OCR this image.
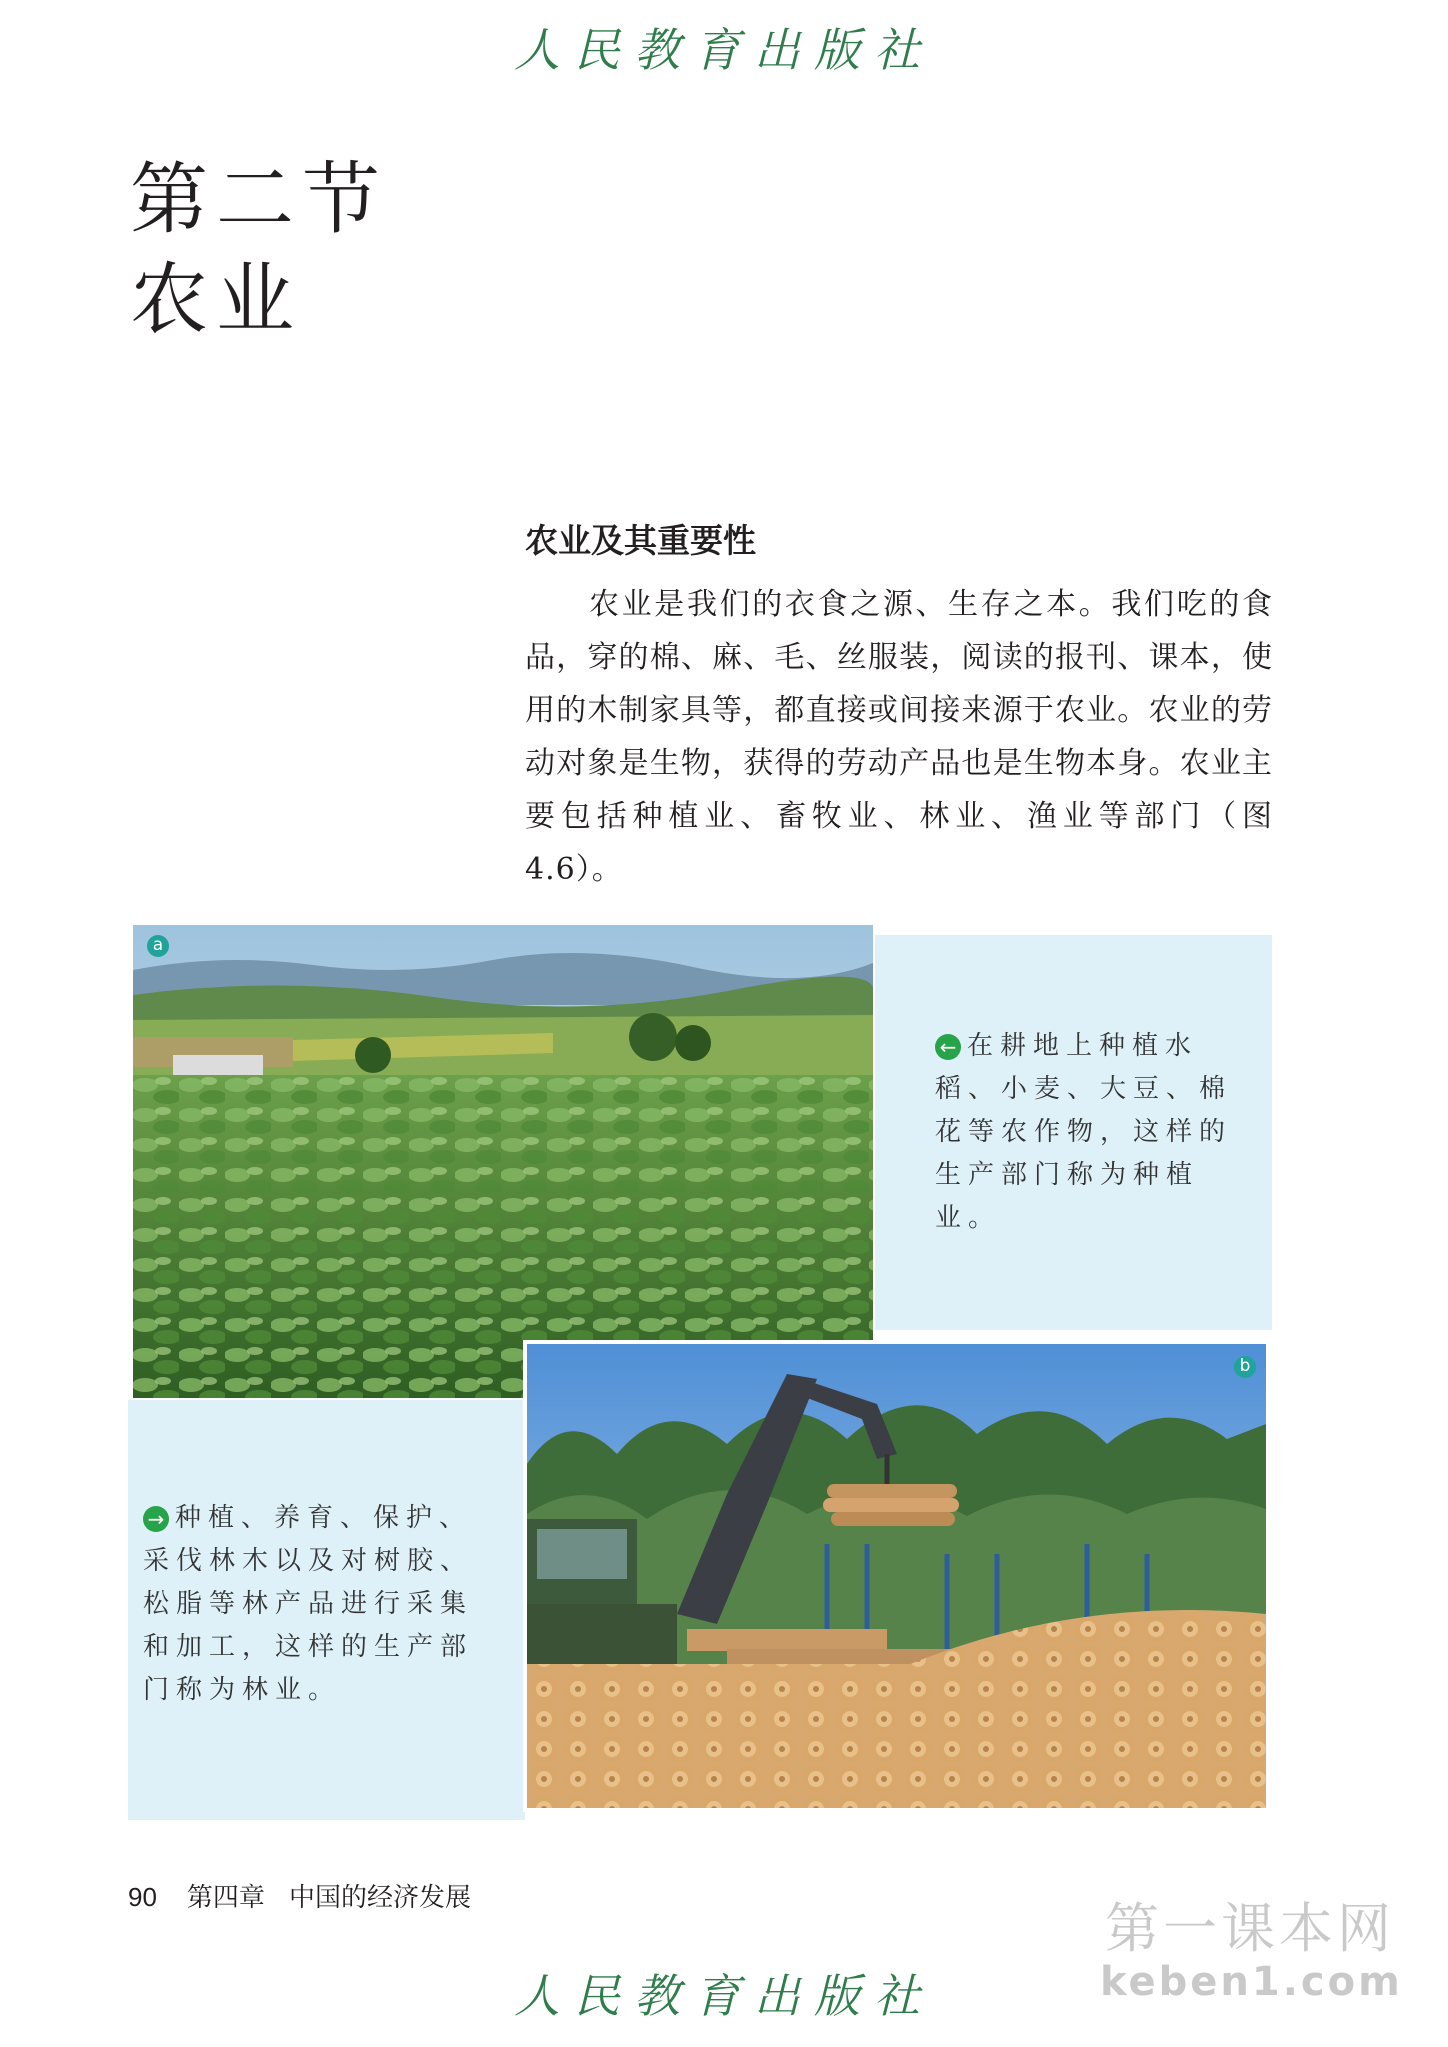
人民教育出版社
第二节
农业
农业及其重要性
农业是我们的衣食之源、生存之本。我们吃的食品，穿的棉、麻、毛、丝服装，阅读的报刊、课本，使用的木制家具等，都直接或间接来源于农业。农业的劳动对象是生物，获得的劳动产品也是生物本身。农业主要包括种植业、畜牧业、林业、渔业等部门（图4.6）。
a
← 在耕地上种植水稻、小麦、大豆、棉花等农作物，这样的生产部门称为种植业。
b
→ 种植、养育、保护、采伐林木以及对树胶、松脂等林产品进行采集和加工，这样的生产部门称为林业。
90 第四章 中国的经济发展	第一课本网
keben1.com
人民教育出版社
